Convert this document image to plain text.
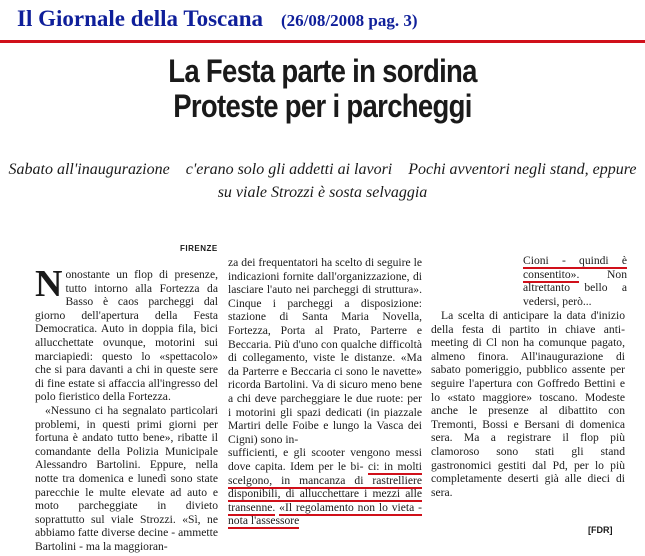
Il Giornale della Toscana (26/08/2008 pag. 3)
La Festa parte in sordina
Proteste per i parcheggi
Sabato all'inaugurazione c'erano solo gli addetti ai lavori Pochi avventori negli stand, eppure
su viale Strozzi è sosta selvaggia
FIRENZE

Nonostante un flop di presenze, tutto intorno alla Fortezza da Basso è caos parcheggi dal giorno dell'apertura della Festa Democratica. Auto in doppia fila, bici allucchettate ovunque, motorini sui marciapiedi: questo lo «spettacolo» che si para davanti a chi in queste sere di fine estate si affaccia all'ingresso del polo fieristico della Fortezza.

«Nessuno ci ha segnalato particolari problemi, in questi primi giorni per fortuna è andato tutto bene», ribatte il comandante della Polizia Municipale Alessandro Bartolini. Eppure, nella notte tra domenica e lunedì sono state parecchie le multe elevate ad auto e moto parcheggiate in divieto soprattutto sul viale Strozzi. «Sì, ne abbiamo fatte diverse decine - ammette Bartolini - ma la maggioran-

za dei frequentatori ha scelto di seguire le indicazioni fornite dall'organizzazione, di lasciare l'auto nei parcheggi di struttura». Cinque i parcheggi a disposizione: stazione di Santa Maria Novella, Fortezza, Porta al Prato, Parterre e Beccaria. Più d'uno con qualche difficoltà di collegamento, viste le distanze. «Ma da Parterre e Beccaria ci sono le navette» ricorda Bartolini. Va di sicuro meno bene a chi deve parcheggiare le due ruote: per i motorini gli spazi dedicati (in piazzale Martiri delle Foibe e lungo la Vasca dei Cigni) sono in-

sufficienti, e gli scooter vengono messi dove capita. Idem per le bi- ci: in molti scelgono, in mancanza di rastrelliere disponibili, di allucchettare i mezzi alle transenne. «Il regolamento non lo vieta - nota l'assessore

Cioni - quindi è consentito». Non altrettanto bello a vedersi, però...

La scelta di anticipare la data d'inizio della festa di partito in chiave anti-meeting di Cl non ha comunque pagato, almeno finora. All'inaugurazione di sabato pomeriggio, pubblico assente per seguire l'apertura con Goffredo Bettini e lo «stato maggiore» toscano. Modeste anche le presenze al dibattito con Tremonti, Bossi e Bersani di domenica sera. Ma a registrare il flop più clamoroso sono stati gli stand gastronomici gestiti dal Pd, per lo più completamente deserti già alle dieci di sera.

[FDR]
